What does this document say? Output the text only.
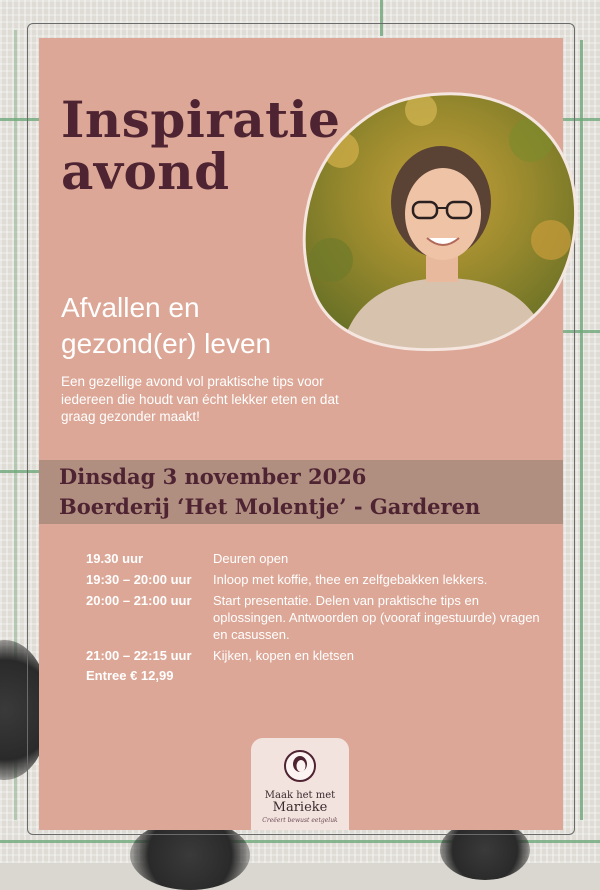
Inspiratie
avond
Afvallen en
gezond(er) leven

Een gezellige avond vol praktische tips voor iedereen die houdt van écht lekker eten en dat graag gezonder maakt!

Dinsdag 3 november 2026

Boerderij ‘Het Molentje’ - Garderen

19.30 uur	Deuren open
19:30 – 20:00 uur	Inloop met koffie, thee en zelfgebakken lekkers.
20:00 – 21:00 uur	Start presentatie. Delen van praktische tips en oplossingen. Antwoorden op (vooraf ingestuurde) vragen en casussen.
21:00 – 22:15 uur	Kijken, kopen en kletsen
Entree € 12,99

Maak het met

Marieke

Creëert bewust eetgeluk
